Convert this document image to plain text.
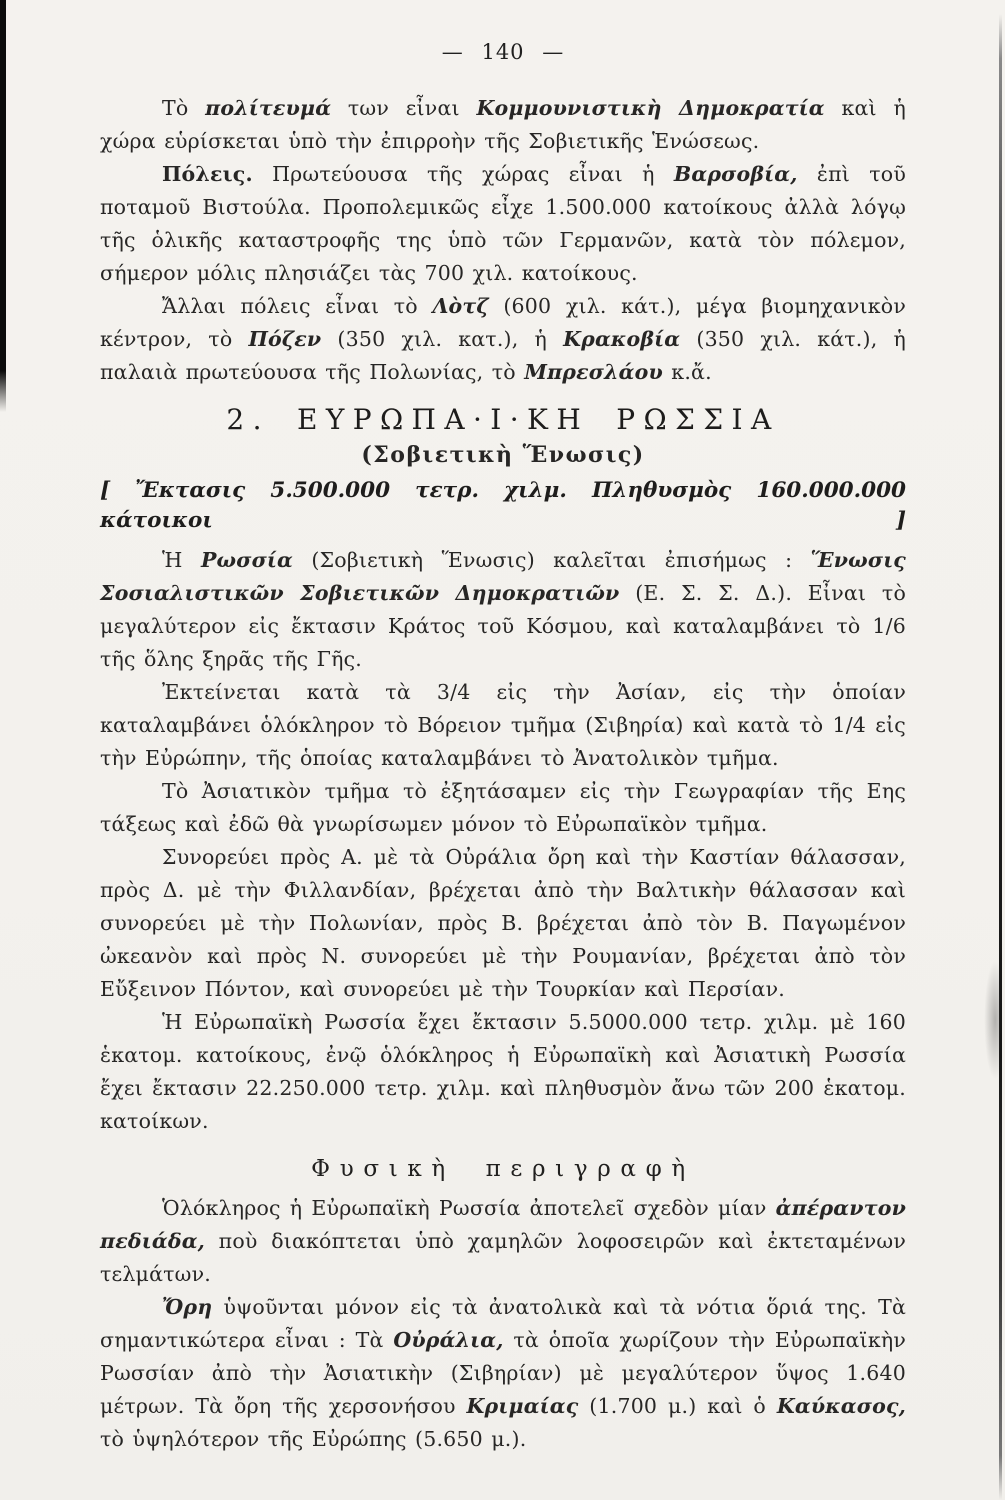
— 140 —

Τὸ πολίτευμά των εἶναι Κομμουνιστικὴ Δημοκρατία καὶ ἡ χώρα εὑρίσκεται ὑπὸ τὴν ἐπιρροὴν τῆς Σοβιετικῆς Ἑνώσεως.

Πόλεις. Πρωτεύουσα τῆς χώρας εἶναι ἡ Βαρσοβία, ἐπὶ τοῦ ποταμοῦ Βιστούλα. Προπολεμικῶς εἶχε 1.500.000 κατοίκους ἀλλὰ λόγῳ τῆς ὁλικῆς καταστροφῆς της ὑπὸ τῶν Γερμανῶν, κατὰ τὸν πόλεμον, σήμερον μόλις πλησιάζει τὰς 700 χιλ. κατοίκους.

Ἄλλαι πόλεις εἶναι τὸ Λὸτζ (600 χιλ. κάτ.), μέγα βιομηχανικὸν κέντρον, τὸ Πόζεν (350 χιλ. κατ.), ἡ Κρακοβία (350 χιλ. κάτ.), ἡ παλαιὰ πρωτεύουσα τῆς Πολωνίας, τὸ Μπρεσλάου κ.ἄ.

2. ΕΥΡΩΠΑ·Ι·ΚΗ ΡΩΣΣΙΑ
(Σοβιετικὴ Ἕνωσις)

[ Ἔκτασις 5.500.000 τετρ. χιλμ. Πληθυσμὸς 160.000.000 κάτοικοι ]

Ἡ Ρωσσία (Σοβιετικὴ Ἕνωσις) καλεῖται ἐπισήμως : Ἕνωσις Σοσιαλιστικῶν Σοβιετικῶν Δημοκρατιῶν (Ε. Σ. Σ. Δ.). Εἶναι τὸ μεγαλύτερον εἰς ἔκτασιν Κράτος τοῦ Κόσμου, καὶ καταλαμβάνει τὸ 1/6 τῆς ὅλης ξηρᾶς τῆς Γῆς.

Ἐκτείνεται κατὰ τὰ 3/4 εἰς τὴν Ἀσίαν, εἰς τὴν ὁποίαν καταλαμβάνει ὁλόκληρον τὸ Βόρειον τμῆμα (Σιβηρία) καὶ κατὰ τὸ 1/4 εἰς τὴν Εὐρώπην, τῆς ὁποίας καταλαμβάνει τὸ Ἀνατολικὸν τμῆμα.

Τὸ Ἀσιατικὸν τμῆμα τὸ ἐξητάσαμεν εἰς τὴν Γεωγραφίαν τῆς Εης τάξεως καὶ ἐδῶ θὰ γνωρίσωμεν μόνον τὸ Εὐρωπαϊκὸν τμῆμα.

Συνορεύει πρὸς Α. μὲ τὰ Οὐράλια ὄρη καὶ τὴν Καστίαν θάλασσαν, πρὸς Δ. μὲ τὴν Φιλλανδίαν, βρέχεται ἀπὸ τὴν Βαλτικὴν θάλασσαν καὶ συνορεύει μὲ τὴν Πολωνίαν, πρὸς Β. βρέχεται ἀπὸ τὸν Β. Παγωμένον ὠκεανὸν καὶ πρὸς Ν. συνορεύει μὲ τὴν Ρουμανίαν, βρέχεται ἀπὸ τὸν Εὔξεινον Πόντον, καὶ συνορεύει μὲ τὴν Τουρκίαν καὶ Περσίαν.

Ἡ Εὐρωπαϊκὴ Ρωσσία ἔχει ἔκτασιν 5.5000.000 τετρ. χιλμ. μὲ 160 ἑκατομ. κατοίκους, ἐνῷ ὁλόκληρος ἡ Εὐρωπαϊκὴ καὶ Ἀσιατικὴ Ρωσσία ἔχει ἔκτασιν 22.250.000 τετρ. χιλμ. καὶ πληθυσμὸν ἄνω τῶν 200 ἑκατομ. κατοίκων.

Φυσικὴ περιγραφὴ

Ὁλόκληρος ἡ Εὐρωπαϊκὴ Ρωσσία ἀποτελεῖ σχεδὸν μίαν ἀπέραντον πεδιάδα, ποὺ διακόπτεται ὑπὸ χαμηλῶν λοφοσειρῶν καὶ ἐκτεταμένων τελμάτων.

Ὄρη ὑψοῦνται μόνον εἰς τὰ ἀνατολικὰ καὶ τὰ νότια ὅριά της. Τὰ σημαντικώτερα εἶναι : Τὰ Οὐράλια, τὰ ὁποῖα χωρίζουν τὴν Εὐρωπαϊκὴν Ρωσσίαν ἀπὸ τὴν Ἀσιατικὴν (Σιβηρίαν) μὲ μεγαλύτερον ὕψος 1.640 μέτρων. Τὰ ὄρη τῆς χερσονήσου Κριμαίας (1.700 μ.) καὶ ὁ Καύκασος, τὸ ὑψηλότερον τῆς Εὐρώπης (5.650 μ.).
